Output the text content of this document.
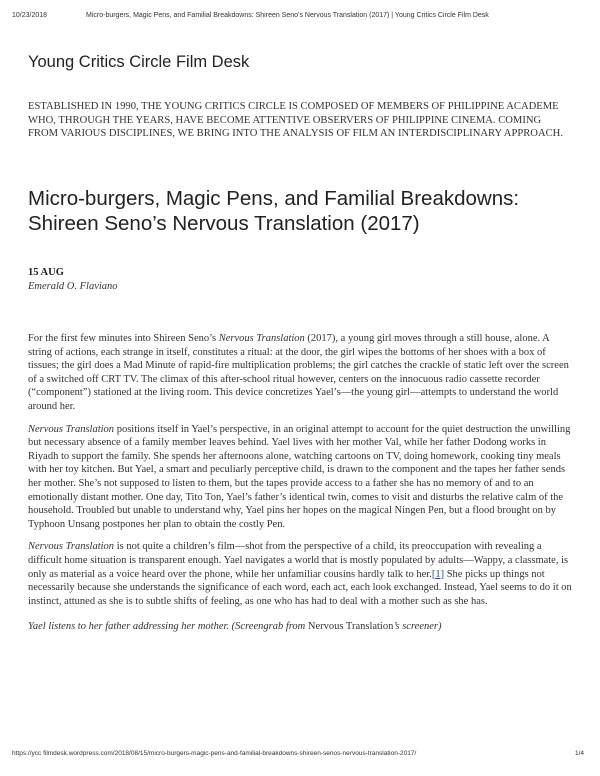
10/23/2018	Micro-burgers, Magic Pens, and Familial Breakdowns: Shireen Seno’s Nervous Translation (2017) | Young Critics Circle Film Desk
Young Critics Circle Film Desk
ESTABLISHED IN 1990, THE YOUNG CRITICS CIRCLE IS COMPOSED OF MEMBERS OF PHILIPPINE ACADEME WHO, THROUGH THE YEARS, HAVE BECOME ATTENTIVE OBSERVERS OF PHILIPPINE CINEMA. COMING FROM VARIOUS DISCIPLINES, WE BRING INTO THE ANALYSIS OF FILM AN INTERDISCIPLINARY APPROACH.
Micro-burgers, Magic Pens, and Familial Breakdowns: Shireen Seno’s Nervous Translation (2017)
15 AUG
Emerald O. Flaviano

For the first few minutes into Shireen Seno’s Nervous Translation (2017), a young girl moves through a still house, alone. A string of actions, each strange in itself, constitutes a ritual: at the door, the girl wipes the bottoms of her shoes with a box of tissues; the girl does a Mad Minute of rapid-fire multiplication problems; the girl catches the crackle of static left over the screen of a switched off CRT TV. The climax of this after-school ritual however, centers on the innocuous radio cassette recorder (“component”) stationed at the living room. This device concretizes Yael’s—the young girl—attempts to understand the world around her.

Nervous Translation positions itself in Yael’s perspective, in an original attempt to account for the quiet destruction the unwilling but necessary absence of a family member leaves behind. Yael lives with her mother Val, while her father Dodong works in Riyadh to support the family. She spends her afternoons alone, watching cartoons on TV, doing homework, cooking tiny meals with her toy kitchen. But Yael, a smart and peculiarly perceptive child, is drawn to the component and the tapes her father sends her mother. She’s not supposed to listen to them, but the tapes provide access to a father she has no memory of and to an emotionally distant mother. One day, Tito Ton, Yael’s father’s identical twin, comes to visit and disturbs the relative calm of the household. Troubled but unable to understand why, Yael pins her hopes on the magical Ningen Pen, but a flood brought on by Typhoon Unsang postpones her plan to obtain the costly Pen.

Nervous Translation is not quite a children’s film—shot from the perspective of a child, its preoccupation with revealing a difficult home situation is transparent enough. Yael navigates a world that is mostly populated by adults—Wappy, a classmate, is only as material as a voice heard over the phone, while her unfamiliar cousins hardly talk to her.[1] She picks up things not necessarily because she understands the significance of each word, each act, each look exchanged. Instead, Yael seems to do it on instinct, attuned as she is to subtle shifts of feeling, as one who has had to deal with a mother such as she has.

Yael listens to her father addressing her mother. (Screengrab from Nervous Translation’s screener)

https://ycc filmdesk.wordpress.com/2018/08/15/micro-burgers-magic-pens-and-familial-breakdowns-shireen-senos-nervous-translation-2017/	1/4
